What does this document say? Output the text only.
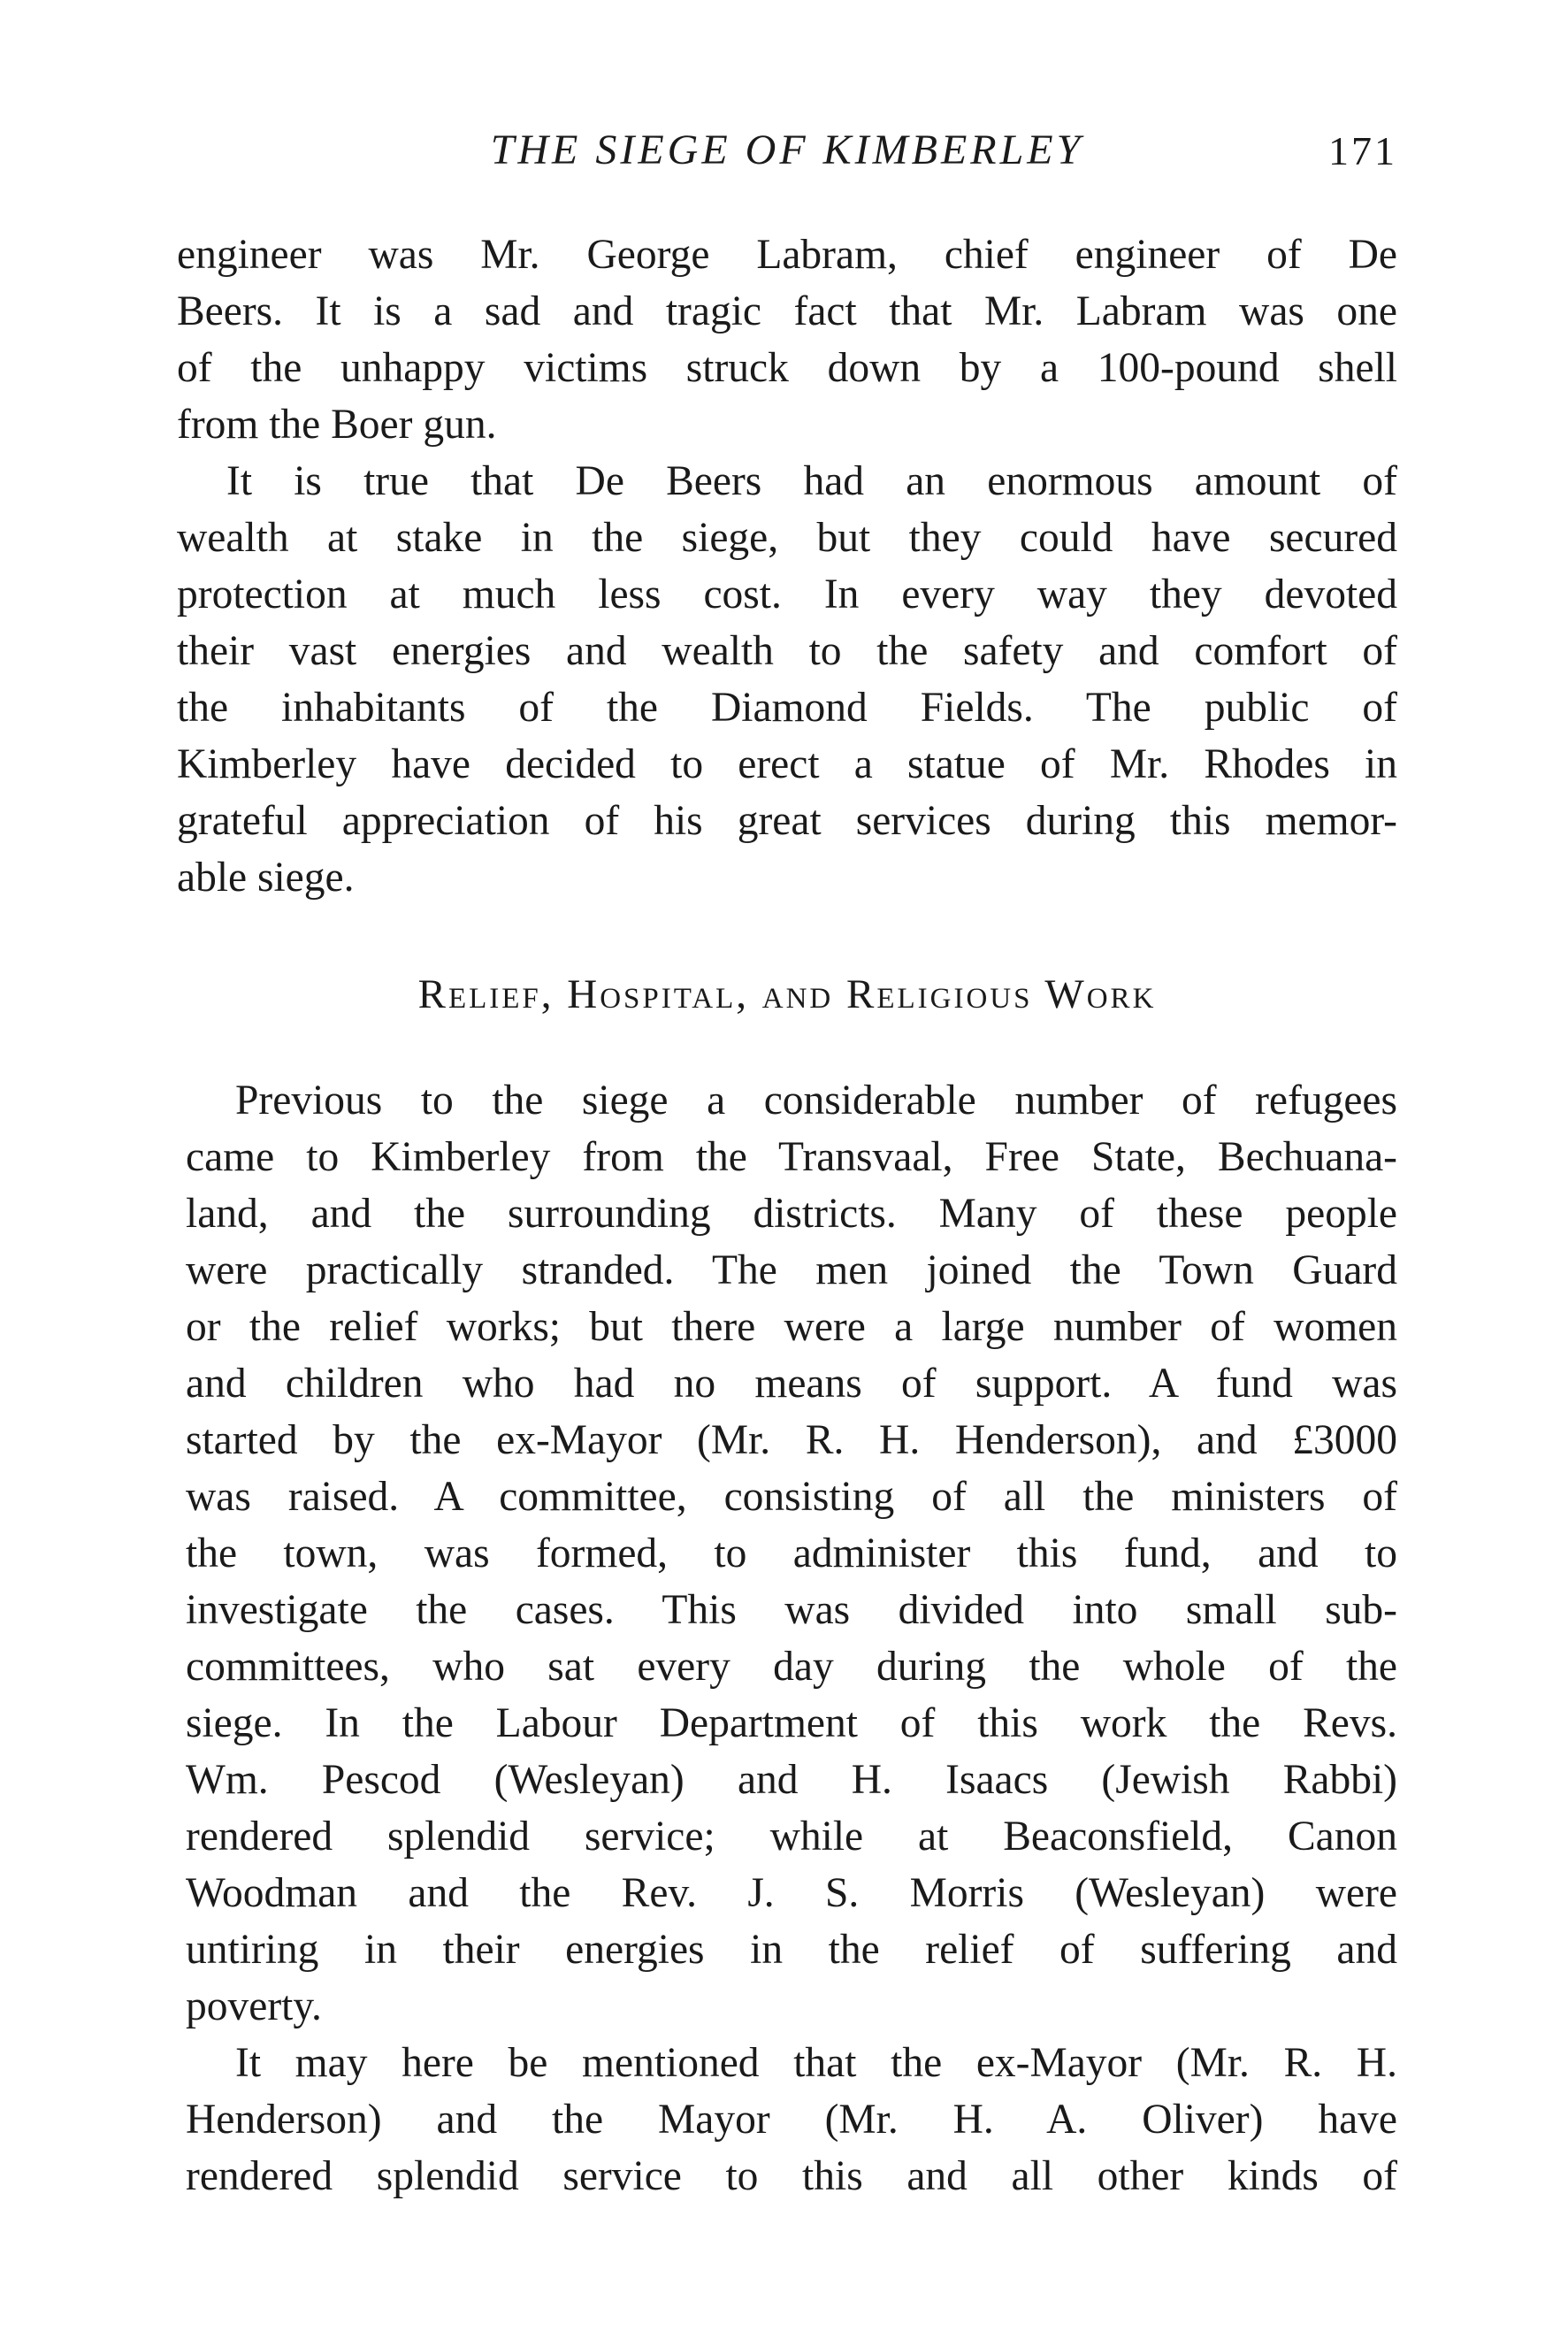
THE SIEGE OF KIMBERLEY	171
engineer was Mr. George Labram, chief engineer of De
Beers. It is a sad and tragic fact that Mr. Labram was one
of the unhappy victims struck down by a 100-pound shell
from the Boer gun.
It is true that De Beers had an enormous amount of
wealth at stake in the siege, but they could have secured
protection at much less cost. In every way they devoted
their vast energies and wealth to the safety and comfort of
the inhabitants of the Diamond Fields. The public of
Kimberley have decided to erect a statue of Mr. Rhodes in
grateful appreciation of his great services during this memor-
able siege.
Relief, Hospital, and Religious Work
Previous to the siege a considerable number of refugees
came to Kimberley from the Transvaal, Free State, Bechuana-
land, and the surrounding districts. Many of these people
were practically stranded. The men joined the Town Guard
or the relief works; but there were a large number of women
and children who had no means of support. A fund was
started by the ex-Mayor (Mr. R. H. Henderson), and £3000
was raised. A committee, consisting of all the ministers of
the town, was formed, to administer this fund, and to
investigate the cases. This was divided into small sub-
committees, who sat every day during the whole of the
siege. In the Labour Department of this work the Revs.
Wm. Pescod (Wesleyan) and H. Isaacs (Jewish Rabbi)
rendered splendid service; while at Beaconsfield, Canon
Woodman and the Rev. J. S. Morris (Wesleyan) were
untiring in their energies in the relief of suffering and
poverty.
It may here be mentioned that the ex-Mayor (Mr. R. H.
Henderson) and the Mayor (Mr. H. A. Oliver) have
rendered splendid service to this and all other kinds of
